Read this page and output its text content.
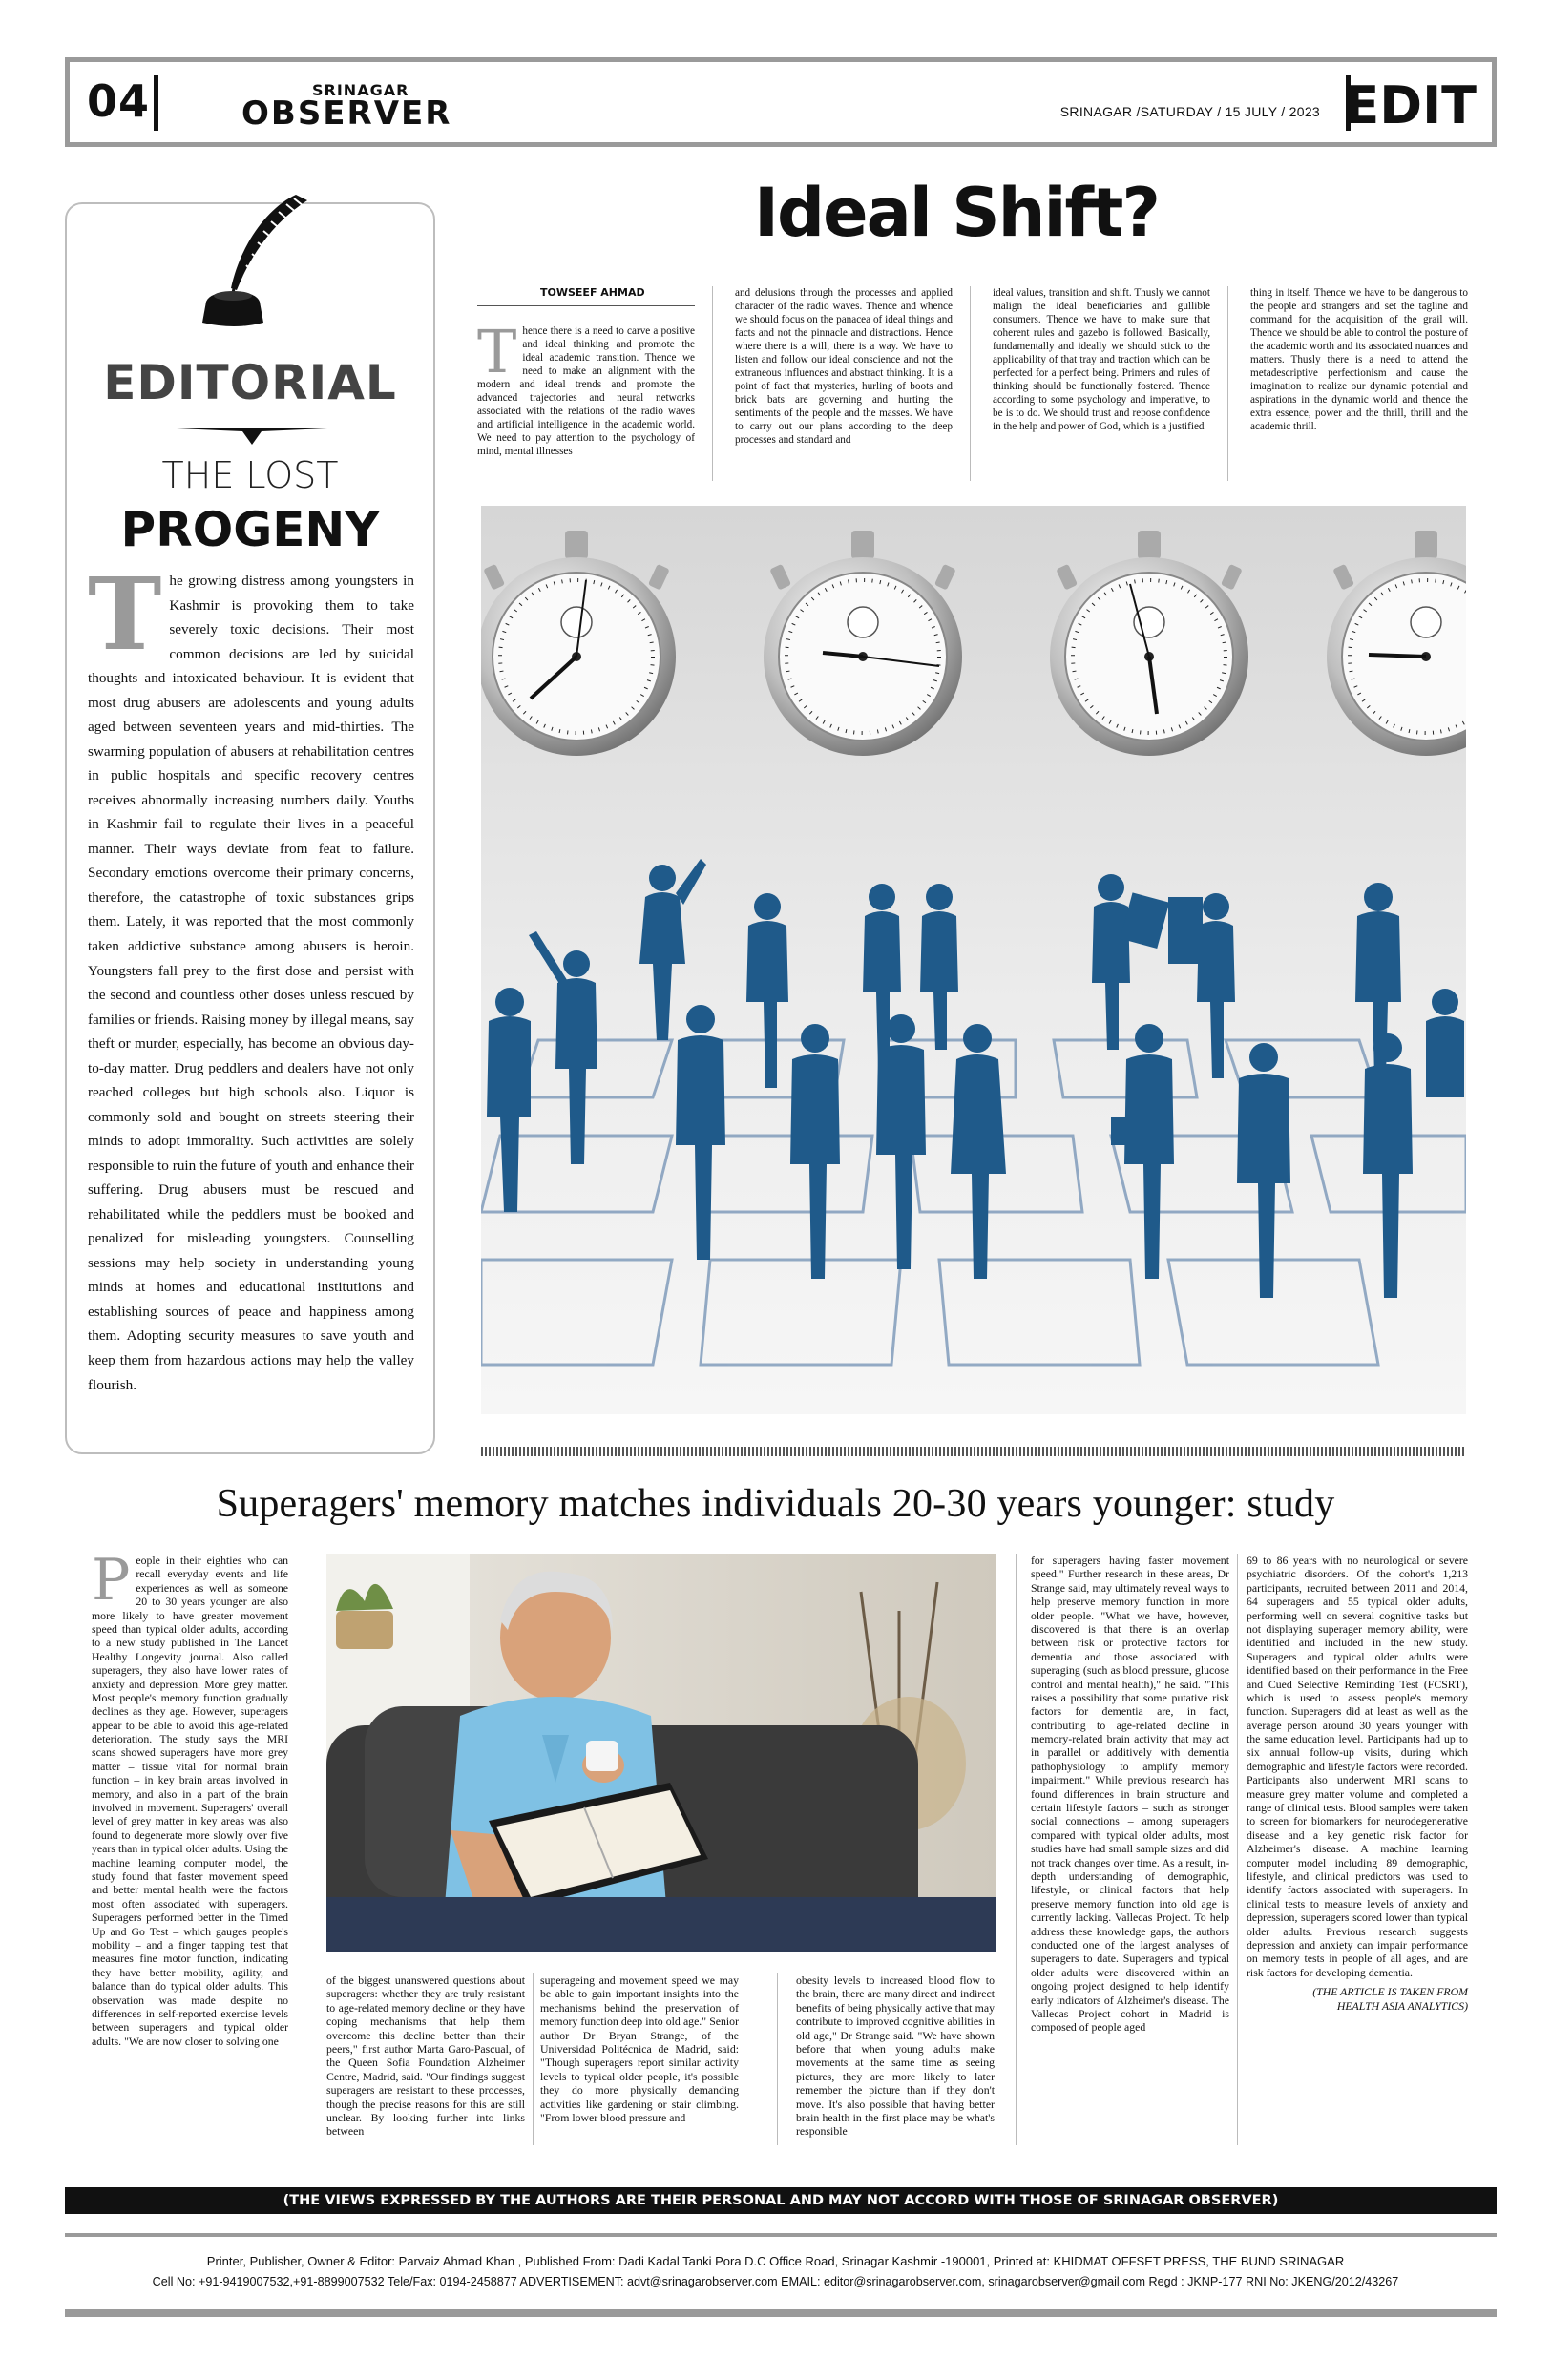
04	SRINAGAR
OBSERVER	SRINAGAR /SATURDAY / 15 JULY / 2023 EDIT
EDITORIAL
THE LOST
PROGENY
The growing distress among youngsters in Kashmir is provoking them to take severely toxic decisions. Their most common decisions are led by suicidal thoughts and intoxicated behaviour. It is evident that most drug abusers are adolescents and young adults aged between seventeen years and mid-thirties. The swarming population of abusers at rehabilitation centres in public hospitals and specific recovery centres receives abnormally increasing numbers daily. Youths in Kashmir fail to regulate their lives in a peaceful manner. Their ways deviate from feat to failure. Secondary emotions overcome their primary concerns, therefore, the catastrophe of toxic substances grips them. Lately, it was reported that the most commonly taken addictive substance among abusers is heroin. Youngsters fall prey to the first dose and persist with the second and countless other doses unless rescued by families or friends. Raising money by illegal means, say theft or murder, especially, has become an obvious day-to-day matter. Drug peddlers and dealers have not only reached colleges but high schools also. Liquor is commonly sold and bought on streets steering their minds to adopt immorality. Such activities are solely responsible to ruin the future of youth and enhance their suffering. Drug abusers must be rescued and rehabilitated while the peddlers must be booked and penalized for misleading youngsters. Counselling sessions may help society in understanding young minds at homes and educational institutions and establishing sources of peace and happiness among them. Adopting security measures to save youth and keep them from hazardous actions may help the valley flourish.
Ideal Shift?
TOWSEEF AHMAD
Thence there is a need to carve a positive and ideal thinking and promote the ideal academic transition. Thence we need to make an alignment with the modern and ideal trends and promote the advanced trajectories and neural networks associated with the relations of the radio waves and artificial intelligence in the academic world. We need to pay attention to the psychology of mind, mental illnesses
and delusions through the processes and applied character of the radio waves. Thence and whence we should focus on the panacea of ideal things and facts and not the pinnacle and distractions. Hence where there is a will, there is a way. We have to listen and follow our ideal conscience and not the extraneous influences and abstract thinking. It is a point of fact that mysteries, hurling of boots and brick bats are governing and hurting the sentiments of the people and the masses. We have to carry out our plans according to the deep processes and standard and
ideal values, transition and shift. Thusly we cannot malign the ideal beneficiaries and gullible consumers. Thence we have to make sure that coherent rules and gazebo is followed. Basically, fundamentally and ideally we should stick to the applicability of that tray and traction which can be perfected for a perfect being. Primers and rules of thinking should be functionally fostered. Thence according to some psychology and imperative, to be is to do. We should trust and repose confidence in the help and power of God, which is a justified
thing in itself. Thence we have to be dangerous to the people and strangers and set the tagline and command for the acquisition of the grail will. Thence we should be able to control the posture of the academic worth and its associated nuances and matters. Thusly there is a need to attend the metadescriptive perfectionism and cause the imagination to realize our dynamic potential and aspirations in the dynamic world and thence the extra essence, power and the thrill, thrill and the academic thrill.
Superagers' memory matches individuals 20-30 years younger: study
People in their eighties who can recall everyday events and life experiences as well as someone 20 to 30 years younger are also more likely to have greater movement speed than typical older adults, according to a new study published in The Lancet Healthy Longevity journal. Also called superagers, they also have lower rates of anxiety and depression. More grey matter. Most people's memory function gradually declines as they age. However, superagers appear to be able to avoid this age-related deterioration. The study says the MRI scans showed superagers have more grey matter – tissue vital for normal brain function – in key brain areas involved in memory, and also in a part of the brain involved in movement. Superagers' overall level of grey matter in key areas was also found to degenerate more slowly over five years than in typical older adults. Using the machine learning computer model, the study found that faster movement speed and better mental health were the factors most often associated with superagers. Superagers performed better in the Timed Up and Go Test – which gauges people's mobility – and a finger tapping test that measures fine motor function, indicating they have better mobility, agility, and balance than do typical older adults. This observation was made despite no differences in self-reported exercise levels between superagers and typical older adults. "We are now closer to solving one
of the biggest unanswered questions about superagers: whether they are truly resistant to age-related memory decline or they have coping mechanisms that help them overcome this decline better than their peers," first author Marta Garo-Pascual, of the Queen Sofia Foundation Alzheimer Centre, Madrid, said. "Our findings suggest superagers are resistant to these processes, though the precise reasons for this are still unclear. By looking further into links between
superageing and movement speed we may be able to gain important insights into the mechanisms behind the preservation of memory function deep into old age." Senior author Dr Bryan Strange, of the Universidad Politécnica de Madrid, said: "Though superagers report similar activity levels to typical older people, it's possible they do more physically demanding activities like gardening or stair climbing. "From lower blood pressure and
obesity levels to increased blood flow to the brain, there are many direct and indirect benefits of being physically active that may contribute to improved cognitive abilities in old age," Dr Strange said. "We have shown before that when young adults make movements at the same time as seeing pictures, they are more likely to later remember the picture than if they don't move. It's also possible that having better brain health in the first place may be what's responsible
for superagers having faster movement speed." Further research in these areas, Dr Strange said, may ultimately reveal ways to help preserve memory function in more older people. "What we have, however, discovered is that there is an overlap between risk or protective factors for dementia and those associated with superaging (such as blood pressure, glucose control and mental health)," he said. "This raises a possibility that some putative risk factors for dementia are, in fact, contributing to age-related decline in memory-related brain activity that may act in parallel or additively with dementia pathophysiology to amplify memory impairment." While previous research has found differences in brain structure and certain lifestyle factors – such as stronger social connections – among superagers compared with typical older adults, most studies have had small sample sizes and did not track changes over time. As a result, in-depth understanding of demographic, lifestyle, or clinical factors that help preserve memory function into old age is currently lacking. Vallecas Project. To help address these knowledge gaps, the authors conducted one of the largest analyses of superagers to date. Superagers and typical older adults were discovered within an ongoing project designed to help identify early indicators of Alzheimer's disease. The Vallecas Project cohort in Madrid is composed of people aged
69 to 86 years with no neurological or severe psychiatric disorders. Of the cohort's 1,213 participants, recruited between 2011 and 2014, 64 superagers and 55 typical older adults, performing well on several cognitive tasks but not displaying superager memory ability, were identified and included in the new study. Superagers and typical older adults were identified based on their performance in the Free and Cued Selective Reminding Test (FCSRT), which is used to assess people's memory function. Superagers did at least as well as the average person around 30 years younger with the same education level. Participants had up to six annual follow-up visits, during which demographic and lifestyle factors were recorded. Participants also underwent MRI scans to measure grey matter volume and completed a range of clinical tests. Blood samples were taken to screen for biomarkers for neurodegenerative disease and a key genetic risk factor for Alzheimer's disease. A machine learning computer model including 89 demographic, lifestyle, and clinical predictors was used to identify factors associated with superagers. In clinical tests to measure levels of anxiety and depression, superagers scored lower than typical older adults. Previous research suggests depression and anxiety can impair performance on memory tests in people of all ages, and are risk factors for developing dementia.
(THE ARTICLE IS TAKEN FROM
HEALTH ASIA ANALYTICS)
(THE VIEWS EXPRESSED BY THE AUTHORS ARE THEIR PERSONAL AND MAY NOT ACCORD WITH THOSE OF SRINAGAR OBSERVER)
Printer, Publisher, Owner & Editor: Parvaiz Ahmad Khan , Published From: Dadi Kadal Tanki Pora D.C Office Road, Srinagar Kashmir -190001, Printed at: KHIDMAT OFFSET PRESS, THE BUND SRINAGAR
Cell No: +91-9419007532,+91-8899007532 Tele/Fax: 0194-2458877 ADVERTISEMENT: advt@srinagarobserver.com EMAIL: editor@srinagarobserver.com, srinagarobserver@gmail.com Regd : JKNP-177 RNI No: JKENG/2012/43267
